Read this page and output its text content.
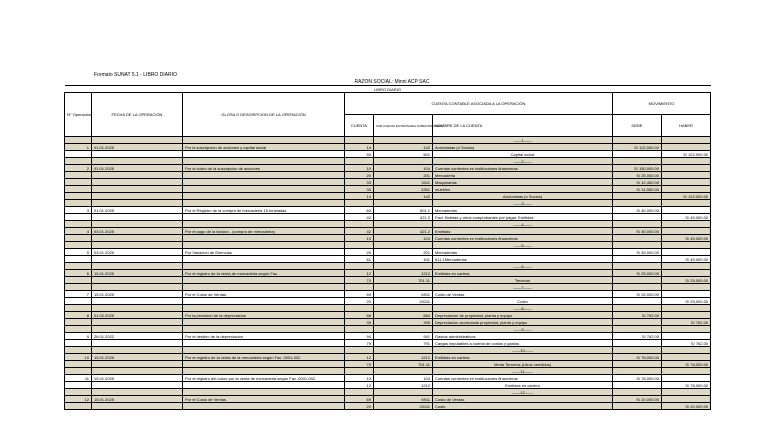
Formato SUNAT 5.1 - LIBRO DIARIO
RAZON SOCIAL: Minni ACP SAC
LIBRO DIARIO							
N° Operación	FECHA DE LA OPERACIÓN	GLOSA O DESCRIPCION DE LA OPERACIÓN	CUENTA CONTABLE ASOCIADA A LA OPERACIÓN			MOVIMIENTO	
			CUENTA	SUB CUENTA DIVISIONARIA SUBDIVISIONARIA	NOMBRE DE LA CUENTA	DEBE	HABER
					——1——		
1	01.01.2025	Por la suscripcion de acciones y capital social	14	142	Accionistas (o Socios)	S/ 122,000.00	
			50	501	Capital social		S/ 122,000.00
					——2——		
2	01.01.2025	Por el cobro de la suscripcion de acciones	10	104	Cuentas corrientes en instituciones financieras	S/ 150,000.00	
			20	201	Mercaderia	S/ 25,000.00	
			33	3311	Maquinarias	S/ 12,450.00	
			33	3351	muebles	S/ 14,550.00	
			14	142	Accionistas (o Socios)		S/ 122,000.00
					——3——		
3	01.01.2025	Por el Registro de la compra de mercaderia 15 toneladas	60	601.1	Mercaderias	S/ 45,000.00	
			42	421.2	Fact. Boletas y otros comprobantes por pagar. Emitidas		S/ 45,000.00
					——4——		
4	03.01.2025	Por el pago de la factura - (compra de mercaderia)	42	421.2	Emitidas	S/ 45,000.00	
			10	104	Cuentas corrientes en instituciones financieras		S/ 45,000.00
					——5——		
5	03.01.2025	Por Variacion de Eirencias	20	201	Mercaderias	S/ 45,000.00	
			61	611	611.1Mercaderias		S/ 45,000.00
					——6——		
6	15.01.2025	Por el registro de la venta de mercaderia según Fac.	12	1212	Emitidas en cartera	S/ 25,000.00	
			70	701.11	Terceros		S/ 25,000.00
					——7——		
7	15.01.2025	Por el Costo de Ventas.	69	6911	Costo de Ventas	S/ 25,000.00	
			20	20111	Costo		S/ 25,000.00
					——8——		
8	01.02.2025	Por la provision de la depreciacion	68	684	Depreciacion de propiedad, planta y equipo	S/ 762.00	
			39	395	Depreciacion acumulada propiedad, planta y equipo		S/ 762.00
					——9——		
9	26.01.2022	Por el destino de la depreciacion	94	941	Gastos administrativos	S/ 762.00	
			79	791	Cargas imputables a cuenta de costos y gastos		S/ 762.00
					——10——		
10	15.01.2025	Por el registro de la venta de la mercaderia según Fac. 0001-002	12	1212	Emitidas en cartera	S/ 78,000.00	
			70	701.11	Venta Terceros (Litros vendidos)		S/ 78,000.00
					——11——		
11	15.01.2025	Por el registro del cobro por la venta de mercaderia según Fac. 0001-002	10	104	Cuentas corrientes en instituciones financieras	S/ 78,000.00	
			12	1212	Emitidas en cartera		S/ 78,000.00
					——12——		
12	15.01.2025	Por el Costo de Ventas.	69	6911	Costo de Ventas	S/ 20,000.00	
			20	20111	Costo		S/ 20,000.00
